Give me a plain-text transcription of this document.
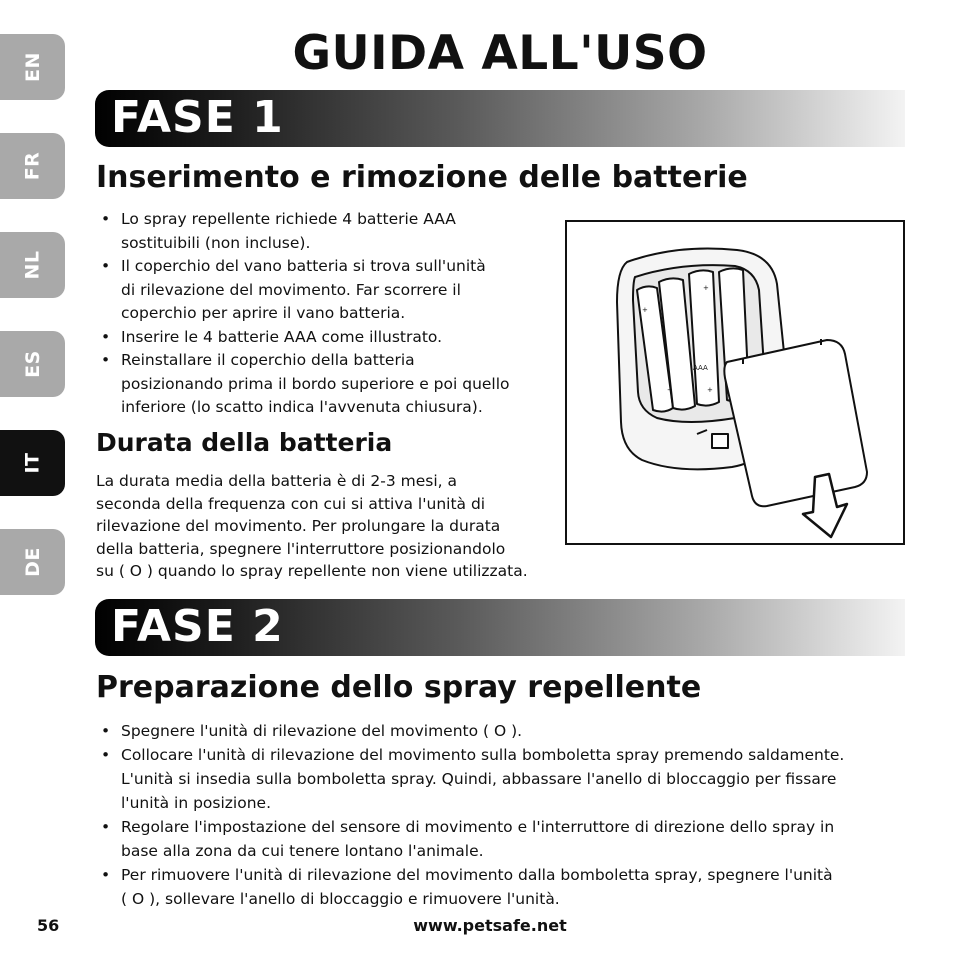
EN
FR
NL
ES
IT
DE
GUIDA ALL'USO
FASE 1
Inserimento e rimozione delle batterie
• Lo spray repellente richiede 4 batterie AAA
sostituibili (non incluse).
• Il coperchio del vano batteria si trova sull'unità
di rilevazione del movimento. Far scorrere il
coperchio per aprire il vano batteria.
• Inserire le 4 batterie AAA come illustrato.
• Reinstallare il coperchio della batteria
posizionando prima il bordo superiore e poi quello
inferiore (lo scatto indica l'avvenuta chiusura).
Durata della batteria

La durata media della batteria è di 2-3 mesi, a
seconda della frequenza con cui si attiva l'unità di
rilevazione del movimento. Per prolungare la durata
della batteria, spegnere l'interruttore posizionandolo
su ( O ) quando lo spray repellente non viene utilizzata.

AAA
+
+
−	+
FASE 2
Preparazione dello spray repellente
• Spegnere l'unità di rilevazione del movimento ( O ).
• Collocare l'unità di rilevazione del movimento sulla bomboletta spray premendo saldamente.
L'unità si insedia sulla bomboletta spray. Quindi, abbassare l'anello di bloccaggio per fissare
l'unità in posizione.
• Regolare l'impostazione del sensore di movimento e l'interruttore di direzione dello spray in
base alla zona da cui tenere lontano l'animale.
• Per rimuovere l'unità di rilevazione del movimento dalla bomboletta spray, spegnere l'unità
( O ), sollevare l'anello di bloccaggio e rimuovere l'unità.
56	www.petsafe.net
